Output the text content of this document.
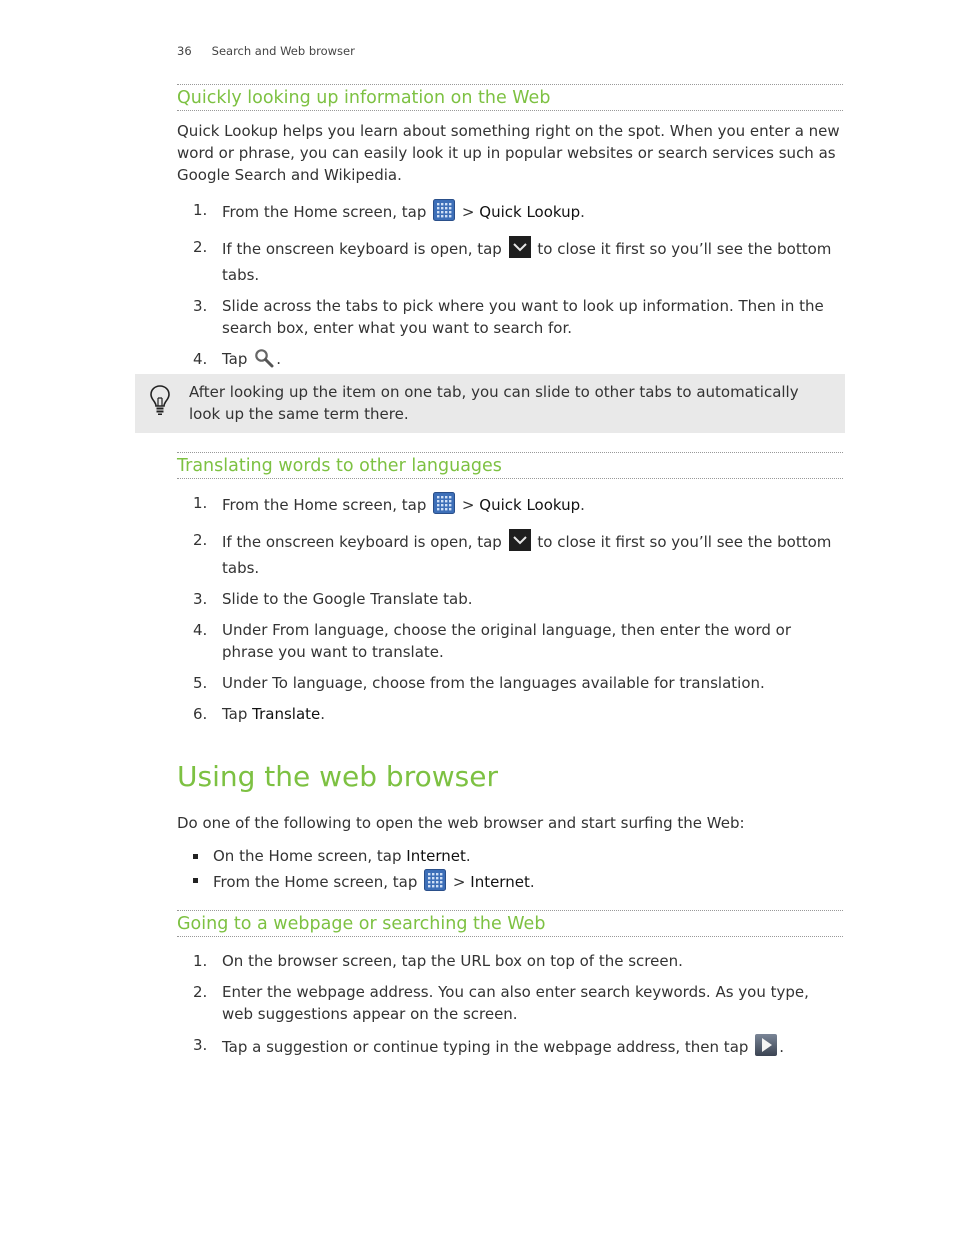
36 Search and Web browser
Quickly looking up information on the Web
Quick Lookup helps you learn about something right on the spot. When you enter a new word or phrase, you can easily look it up in popular websites or search services such as Google Search and Wikipedia.
1. From the Home screen, tap  > Quick Lookup.
2. If the onscreen keyboard is open, tap  to close it first so you’ll see the bottom tabs.
3. Slide across the tabs to pick where you want to look up information. Then in the search box, enter what you want to search for.
4. Tap .
After looking up the item on one tab, you can slide to other tabs to automatically look up the same term there.
Translating words to other languages
1. From the Home screen, tap  > Quick Lookup.
2. If the onscreen keyboard is open, tap  to close it first so you’ll see the bottom tabs.
3. Slide to the Google Translate tab.
4. Under From language, choose the original language, then enter the word or phrase you want to translate.
5. Under To language, choose from the languages available for translation.
6. Tap Translate.
Using the web browser
Do one of the following to open the web browser and start surfing the Web:
On the Home screen, tap Internet.
From the Home screen, tap  > Internet.
Going to a webpage or searching the Web
1. On the browser screen, tap the URL box on top of the screen.
2. Enter the webpage address. You can also enter search keywords. As you type, web suggestions appear on the screen.
3. Tap a suggestion or continue typing in the webpage address, then tap .
